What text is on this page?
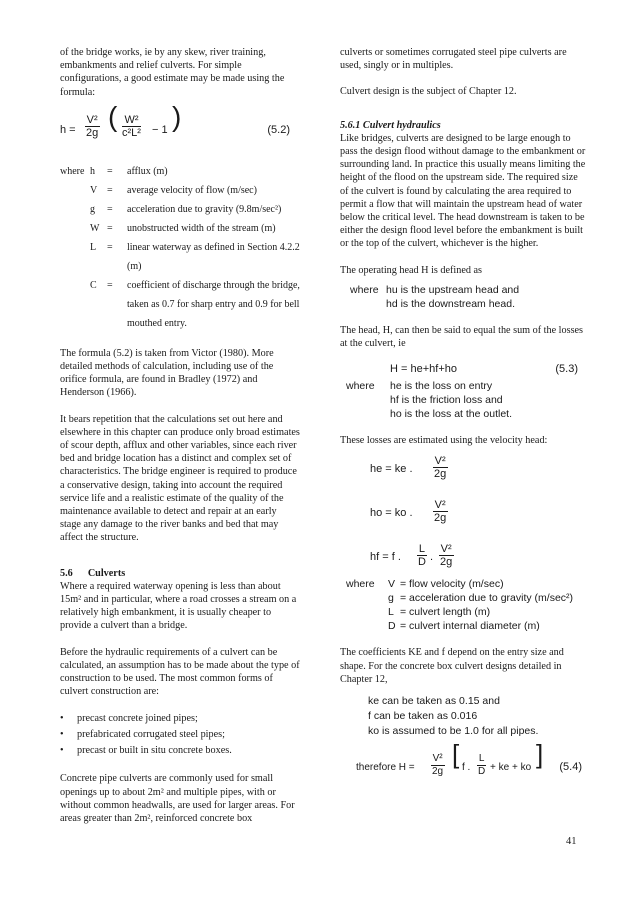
of the bridge works, ie by any skew, river training, embankments and relief culverts. For simple configurations, a good estimate may be made using the formula:

$h = \frac{\text{V²}}{2g}$ ( $\frac{\text{W²}}{\text{c²L²}} - 1$ )	(5.2)
where	h	=	afflux (m)
	V	=	average velocity of flow (m/sec)
	g	=	acceleration due to gravity (9.8m/sec²)
	W	=	unobstructed width of the stream (m)
	L	=	linear waterway as defined in Section 4.2.2 (m)
	C	=	coefficient of discharge through the bridge, taken as 0.7 for sharp entry and 0.9 for bell mouthed entry.

The formula (5.2) is taken from Victor (1980). More detailed methods of calculation, including use of the orifice formula, are found in Bradley (1972) and Henderson (1966).

It bears repetition that the calculations set out here and elsewhere in this chapter can produce only broad estimates of scour depth, afflux and other variables, since each river bed and bridge location has a distinct and complex set of characteristics. The bridge engineer is required to produce a conservative design, taking into account the required service life and a realistic estimate of the quality of the maintenance available to detect and repair at an early stage any damage to the river banks and bed that may affect the structure.

5.6 Culverts

Where a required waterway opening is less than about 15m² and in particular, where a road crosses a stream on a relatively high embankment, it is usually cheaper to provide a culvert than a bridge.

Before the hydraulic requirements of a culvert can be calculated, an assumption has to be made about the type of construction to be used. The most common forms of culvert construction are:

• precast concrete joined pipes;
• prefabricated corrugated steel pipes;
• precast or built in situ concrete boxes.

Concrete pipe culverts are commonly used for small openings up to about 2m² and multiple pipes, with or without common headwalls, are used for larger areas. For areas greater than 2m², reinforced concrete box

culverts or sometimes corrugated steel pipe culverts are used, singly or in multiples.

Culvert design is the subject of Chapter 12.

5.6.1 Culvert hydraulics

Like bridges, culverts are designed to be large enough to pass the design flood without damage to the embankment or surrounding land. In practice this usually means limiting the height of the flood on the upstream side. The required size of the culvert is found by calculating the area required to permit a flow that will maintain the upstream head of water below the critical level. The head downstream is taken to be either the design flood level before the embankment is built or the top of the culvert, whichever is the higher.

The operating head H is defined as

where hu is the upstream head and
hd is the downstream head.

The head, H, can then be said to equal the sum of the losses at the culvert, ie

H = he+hf+ho	(5.3)
where he is the loss on entry
hf is the friction loss and
ho is the loss at the outlet.

These losses are estimated using the velocity head:

he = ke . $\frac{\text{V²}}{2g}$
ho = ko . $\frac{\text{V²}}{2g}$
hf = f . $\frac{L}{D}$ . $\frac{\text{V²}}{2g}$
where V = flow velocity (m/sec)
g = acceleration due to gravity (m/sec²)
L = culvert length (m)
D = culvert internal diameter (m)

The coefficients KE and f depend on the entry size and shape. For the concrete box culvert designs detailed in Chapter 12,

ke can be taken as 0.15 and
f can be taken as 0.016
ko is assumed to be 1.0 for all pipes.
therefore $H = \frac{\text{V²}}{2g}$ [ f . $\frac{L}{D}$ + ke + ko ] (5.4)
41
